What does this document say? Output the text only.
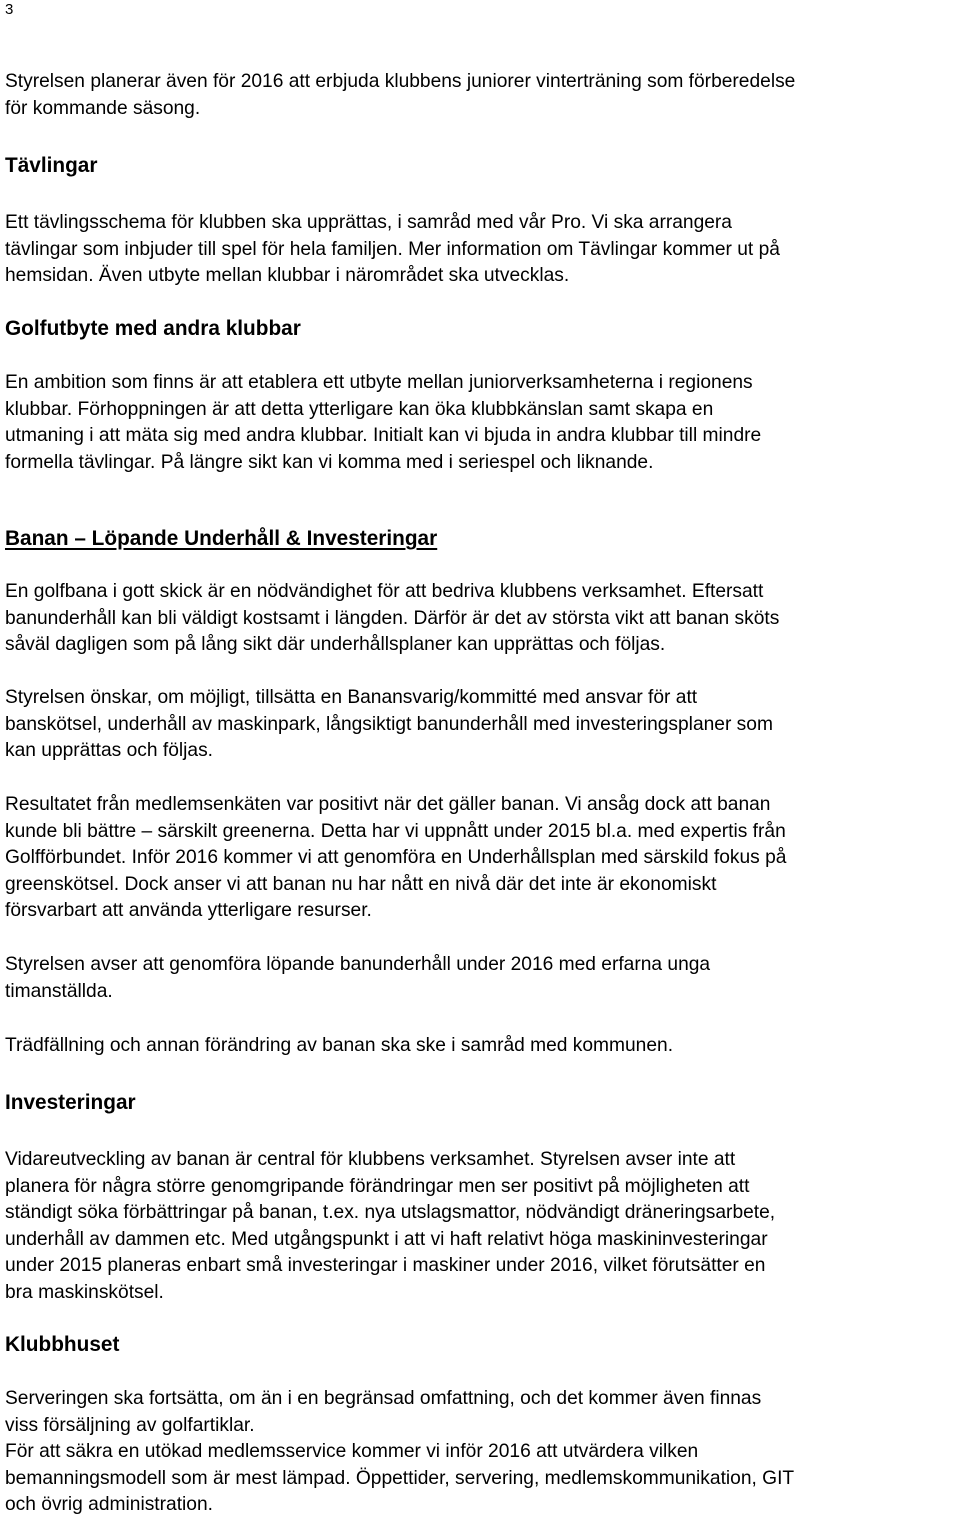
3
Styrelsen planerar även för 2016 att erbjuda klubbens juniorer vinterträning som förberedelse
för kommande säsong.
Tävlingar
Ett tävlingsschema för klubben ska upprättas, i samråd med vår Pro. Vi ska arrangera
tävlingar som inbjuder till spel för hela familjen. Mer information om Tävlingar kommer ut på
hemsidan. Även utbyte mellan klubbar i närområdet ska utvecklas.
Golfutbyte med andra klubbar
En ambition som finns är att etablera ett utbyte mellan juniorverksamheterna i regionens
klubbar. Förhoppningen är att detta ytterligare kan öka klubbkänslan samt skapa en
utmaning i att mäta sig med andra klubbar. Initialt kan vi bjuda in andra klubbar till mindre
formella tävlingar. På längre sikt kan vi komma med i seriespel och liknande.
Banan – Löpande Underhåll & Investeringar
En golfbana i gott skick är en nödvändighet för att bedriva klubbens verksamhet. Eftersatt
banunderhåll kan bli väldigt kostsamt i längden. Därför är det av största vikt att banan sköts
såväl dagligen som på lång sikt där underhållsplaner kan upprättas och följas.
Styrelsen önskar, om möjligt, tillsätta en Banansvarig/kommitté med ansvar för att
banskötsel, underhåll av maskinpark, långsiktigt banunderhåll med investeringsplaner som
kan upprättas och följas.
Resultatet från medlemsenkäten var positivt när det gäller banan. Vi ansåg dock att banan
kunde bli bättre – särskilt greenerna. Detta har vi uppnått under 2015 bl.a. med expertis från
Golfförbundet. Inför 2016 kommer vi att genomföra en Underhållsplan med särskild fokus på
greenskötsel. Dock anser vi att banan nu har nått en nivå där det inte är ekonomiskt
försvarbart att använda ytterligare resurser.
Styrelsen avser att genomföra löpande banunderhåll under 2016 med erfarna unga
timanställda.
Trädfällning och annan förändring av banan ska ske i samråd med kommunen.
Investeringar
Vidareutveckling av banan är central för klubbens verksamhet. Styrelsen avser inte att
planera för några större genomgripande förändringar men ser positivt på möjligheten att
ständigt söka förbättringar på banan, t.ex. nya utslagsmattor, nödvändigt dräneringsarbete,
underhåll av dammen etc. Med utgångspunkt i att vi haft relativt höga maskininvesteringar
under 2015 planeras enbart små investeringar i maskiner under 2016, vilket förutsätter en
bra maskinskötsel.
Klubbhuset
Serveringen ska fortsätta, om än i en begränsad omfattning, och det kommer även finnas
viss försäljning av golfartiklar.
För att säkra en utökad medlemsservice kommer vi inför 2016 att utvärdera vilken
bemanningsmodell som är mest lämpad. Öppettider, servering, medlemskommunikation, GIT
och övrig administration.
